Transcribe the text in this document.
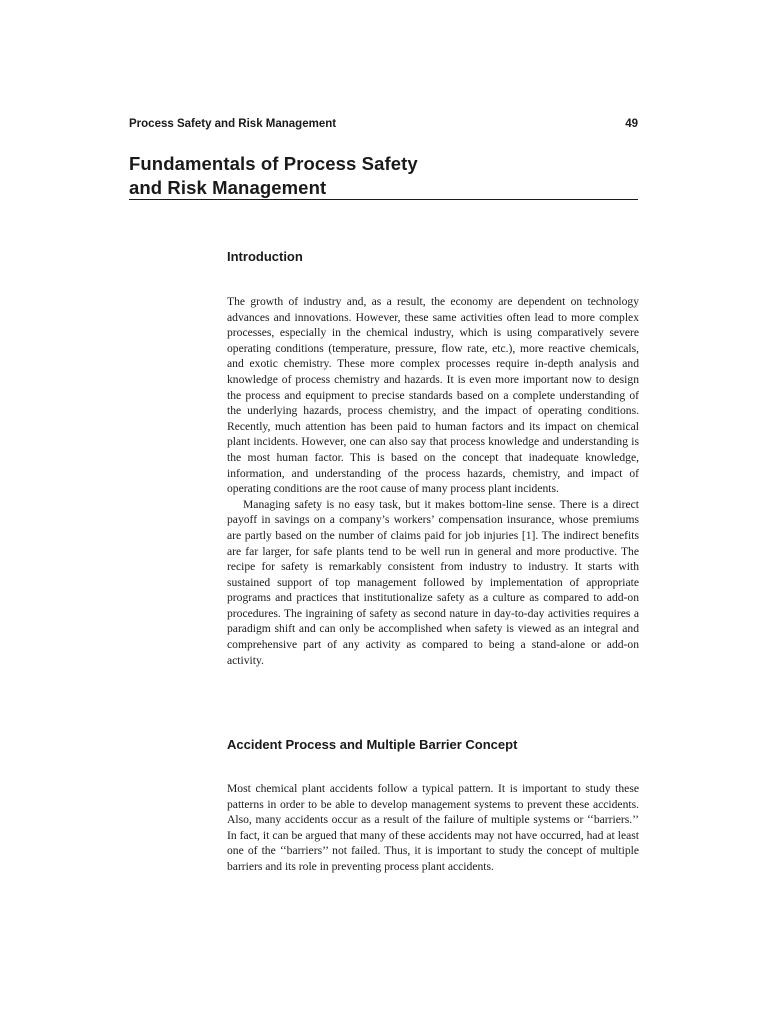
Process Safety and Risk Management	49
Fundamentals of Process Safety
and Risk Management
Introduction

The growth of industry and, as a result, the economy are dependent on technology advances and innovations. However, these same activities often lead to more complex processes, especially in the chemical industry, which is using comparatively severe operating conditions (temperature, pressure, flow rate, etc.), more reactive chemicals, and exotic chemistry. These more complex processes require in-depth analysis and knowledge of process chemistry and hazards. It is even more important now to design the process and equipment to precise standards based on a complete understanding of the underlying hazards, process chemistry, and the impact of operating conditions. Recently, much attention has been paid to human factors and its impact on chemical plant incidents. However, one can also say that process knowledge and understanding is the most human factor. This is based on the concept that inadequate knowledge, information, and understanding of the process hazards, chemistry, and impact of operating conditions are the root cause of many process plant incidents.

Managing safety is no easy task, but it makes bottom-line sense. There is a direct payoff in savings on a company’s workers’ compensation insurance, whose premiums are partly based on the number of claims paid for job injuries [1]. The indirect benefits are far larger, for safe plants tend to be well run in general and more productive. The recipe for safety is remarkably consistent from industry to industry. It starts with sustained support of top management followed by implementation of appropriate programs and practices that institutionalize safety as a culture as compared to add-on procedures. The ingraining of safety as second nature in day-to-day activities requires a paradigm shift and can only be accomplished when safety is viewed as an integral and comprehensive part of any activity as compared to being a stand-alone or add-on activity.

Accident Process and Multiple Barrier Concept

Most chemical plant accidents follow a typical pattern. It is important to study these patterns in order to be able to develop management systems to prevent these accidents. Also, many accidents occur as a result of the failure of multiple systems or ‘‘barriers.’’ In fact, it can be argued that many of these accidents may not have occurred, had at least one of the ‘‘barriers’’ not failed. Thus, it is important to study the concept of multiple barriers and its role in preventing process plant accidents.
